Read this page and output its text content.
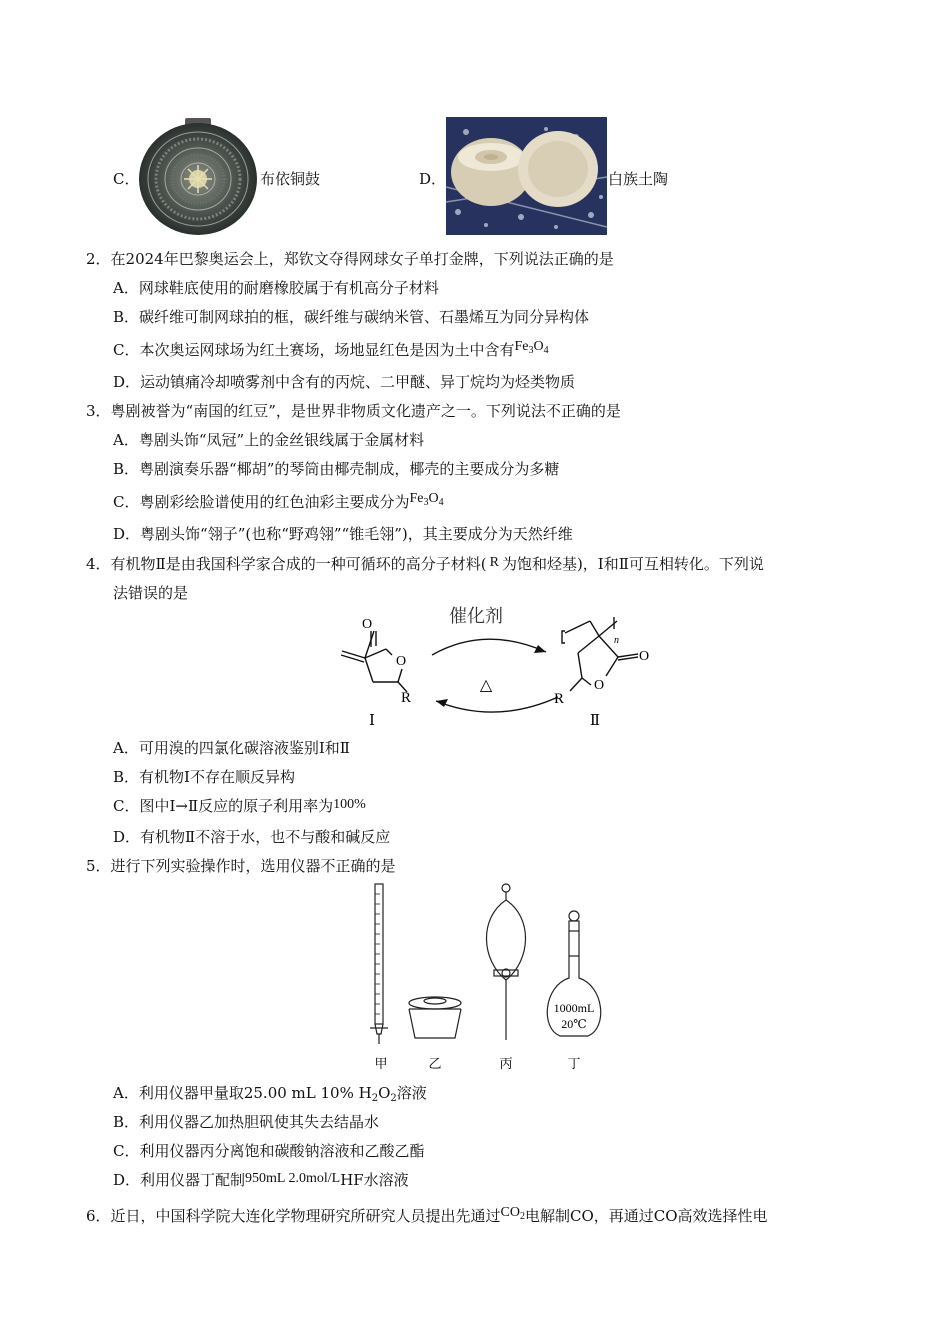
C．	布依铜鼓	D．	白族土陶
2．在2024年巴黎奥运会上，郑钦文夺得网球女子单打金牌，下列说法正确的是
A．网球鞋底使用的耐磨橡胶属于有机高分子材料
B．碳纤维可制网球拍的框，碳纤维与碳纳米管、石墨烯互为同分异构体
C．本次奥运网球场为红土赛场，场地显红色是因为土中含有$Fe_3O_4$
D．运动镇痛冷却喷雾剂中含有的丙烷、二甲醚、异丁烷均为烃类物质
3．粤剧被誉为“南国的红豆”，是世界非物质文化遗产之一。下列说法不正确的是
A．粤剧头饰“凤冠”上的金丝银线属于金属材料
B．粤剧演奏乐器“椰胡”的琴筒由椰壳制成，椰壳的主要成分为多糖
C．粤剧彩绘脸谱使用的红色油彩主要成分为$Fe_3O_4$
D．粤剧头饰“翎子”(也称“野鸡翎”“锥毛翎”)，其主要成分为天然纤维
4．有机物Ⅱ是由我国科学家合成的一种可循环的高分子材料( R 为饱和烃基)，Ⅰ和Ⅱ可互相转化。下列说
法错误的是
O
O
R
Ⅰ
催化剂
△
n
O
O
R
Ⅱ
A．可用溴的四氯化碳溶液鉴别Ⅰ和Ⅱ
B．有机物Ⅰ不存在顺反异构
C．图中Ⅰ→Ⅱ反应的原子利用率为100%
D．有机物Ⅱ不溶于水，也不与酸和碱反应
5．进行下列实验操作时，选用仪器不正确的是
1000mL
20℃
甲	乙	丙	丁
A．利用仪器甲量取25.00 mL 10% $H_2O_2$溶液
B．利用仪器乙加热胆矾使其失去结晶水
C．利用仪器丙分离饱和碳酸钠溶液和乙酸乙酯
D．利用仪器丁配制950mL 2.0mol/LHF水溶液
6．近日，中国科学院大连化学物理研究所研究人员提出先通过$CO_2$电解制CO，再通过CO高效选择性电
